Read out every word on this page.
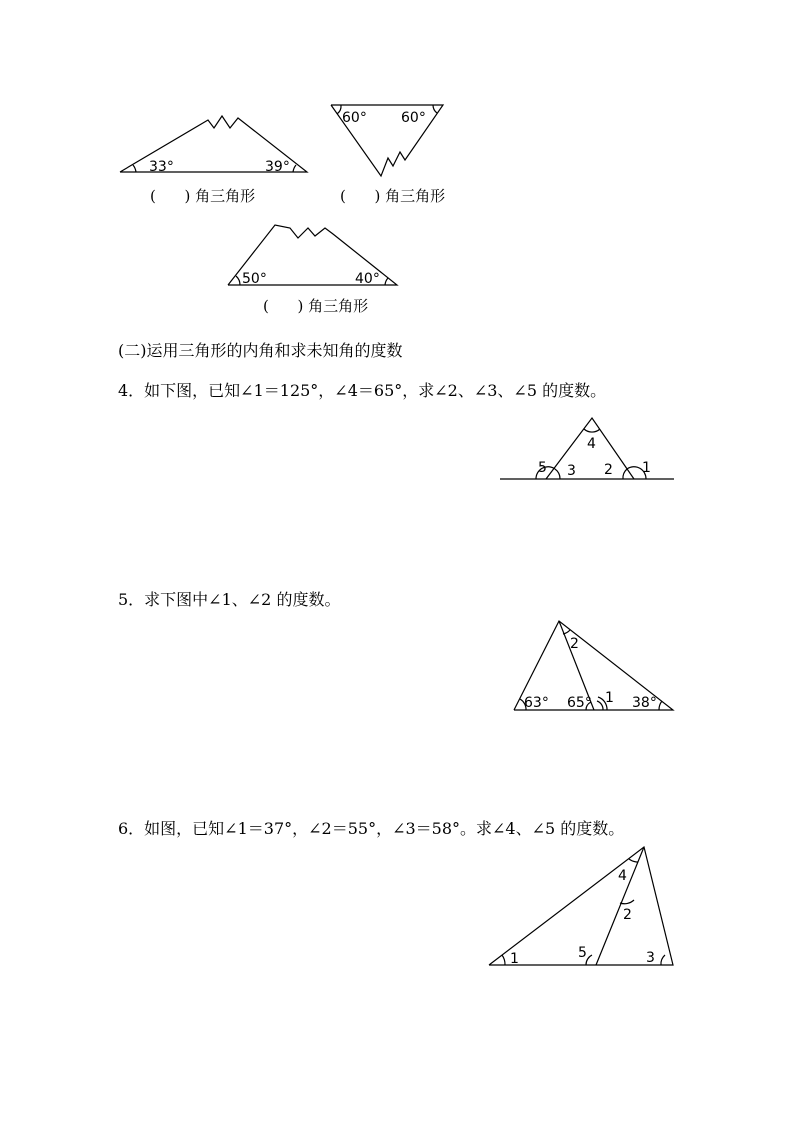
33°	39°
(      ) 角三角形
60° 60°
(      ) 角三角形
50°	40°
(      ) 角三角形
(二)运用三角形的内角和求未知角的度数
4．如下图，已知∠1＝125°，∠4＝65°，求∠2、∠3、∠5 的度数。
4
5 3 2 1
5．求下图中∠1、∠2 的度数。
63° 65° 1 38°
2
6．如图，已知∠1＝37°，∠2＝55°，∠3＝58°。求∠4、∠5 的度数。
1	5
4
2
3
